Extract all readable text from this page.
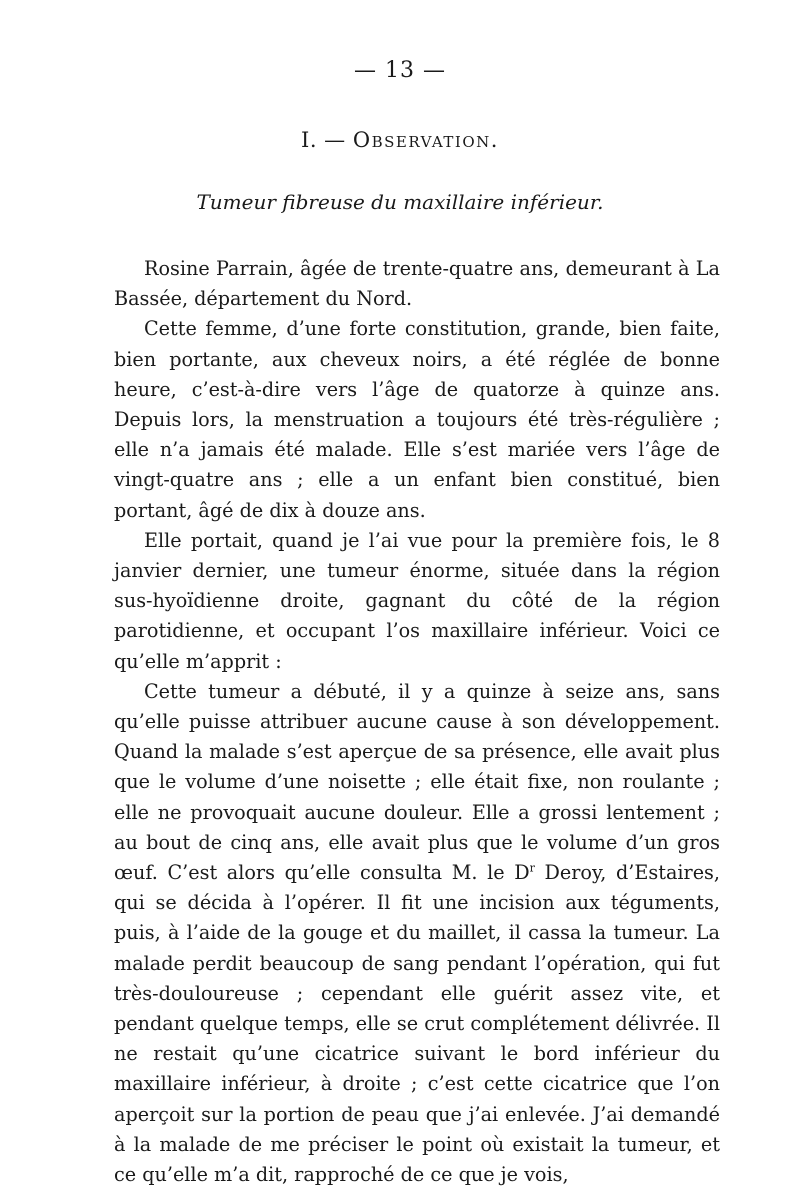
— 13 —
I. — Observation.
Tumeur fibreuse du maxillaire inférieur.

Rosine Parrain, âgée de trente-quatre ans, demeurant à La Bassée, département du Nord.

Cette femme, d’une forte constitution, grande, bien faite, bien portante, aux cheveux noirs, a été réglée de bonne heure, c’est-à-dire vers l’âge de quatorze à quinze ans. Depuis lors, la menstruation a toujours été très-régulière ; elle n’a jamais été malade. Elle s’est mariée vers l’âge de vingt-quatre ans ; elle a un enfant bien constitué, bien portant, âgé de dix à douze ans.

Elle portait, quand je l’ai vue pour la première fois, le 8 janvier dernier, une tumeur énorme, située dans la région sus-hyoïdienne droite, gagnant du côté de la région parotidienne, et occupant l’os maxillaire inférieur. Voici ce qu’elle m’apprit :

Cette tumeur a débuté, il y a quinze à seize ans, sans qu’elle puisse attribuer aucune cause à son développement. Quand la malade s’est aperçue de sa présence, elle avait plus que le volume d’une noisette ; elle était fixe, non roulante ; elle ne provoquait aucune douleur. Elle a grossi lentement ; au bout de cinq ans, elle avait plus que le volume d’un gros œuf. C’est alors qu’elle consulta M. le $D^r$ Deroy, d’Estaires, qui se décida à l’opérer. Il fit une incision aux téguments, puis, à l’aide de la gouge et du maillet, il cassa la tumeur. La malade perdit beaucoup de sang pendant l’opération, qui fut très-douloureuse ; cependant elle guérit assez vite, et pendant quelque temps, elle se crut complétement délivrée. Il ne restait qu’une cicatrice suivant le bord inférieur du maxillaire inférieur, à droite ; c’est cette cicatrice que l’on aperçoit sur la portion de peau que j’ai enlevée. J’ai demandé à la malade de me préciser le point où existait la tumeur, et ce qu’elle m’a dit, rapproché de ce que je vois,
